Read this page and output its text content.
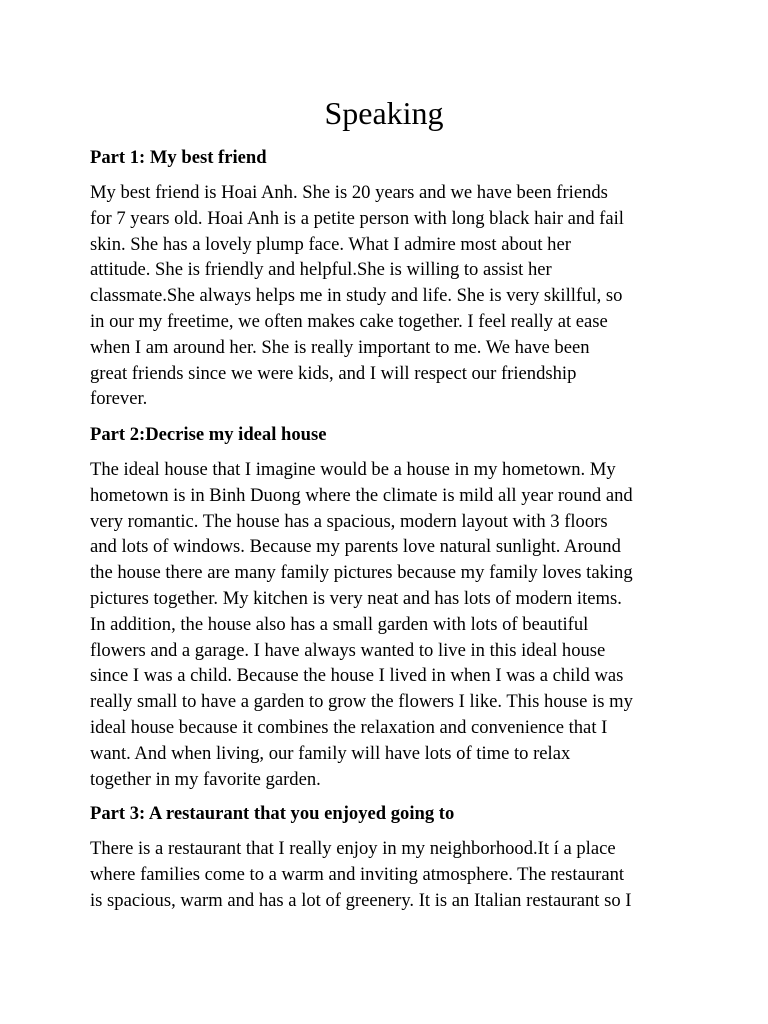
Speaking
Part 1: My best friend
My best friend is Hoai Anh. She is 20 years and we have been friends
for 7 years old. Hoai Anh is a petite person with long black hair and fail
skin. She has a lovely plump face. What I admire most about her
attitude. She is friendly and helpful.She is willing to assist her
classmate.She always helps me in study and life. She is very skillful, so
in our my freetime, we often makes cake together. I feel really at ease
when I am around her. She is really important to me. We have been
great friends since we were kids, and I will respect our friendship
forever.
Part 2:Decrise my ideal house
The ideal house that I imagine would be a house in my hometown. My
hometown is in Binh Duong where the climate is mild all year round and
very romantic. The house has a spacious, modern layout with 3 floors
and lots of windows. Because my parents love natural sunlight. Around
the house there are many family pictures because my family loves taking
pictures together. My kitchen is very neat and has lots of modern items.
In addition, the house also has a small garden with lots of beautiful
flowers and a garage. I have always wanted to live in this ideal house
since I was a child. Because the house I lived in when I was a child was
really small to have a garden to grow the flowers I like. This house is my
ideal house because it combines the relaxation and convenience that I
want. And when living, our family will have lots of time to relax
together in my favorite garden.
Part 3: A restaurant that you enjoyed going to
There is a restaurant that I really enjoy in my neighborhood.It í a place
where families come to a warm and inviting atmosphere. The restaurant
is spacious, warm and has a lot of greenery. It is an Italian restaurant so I
